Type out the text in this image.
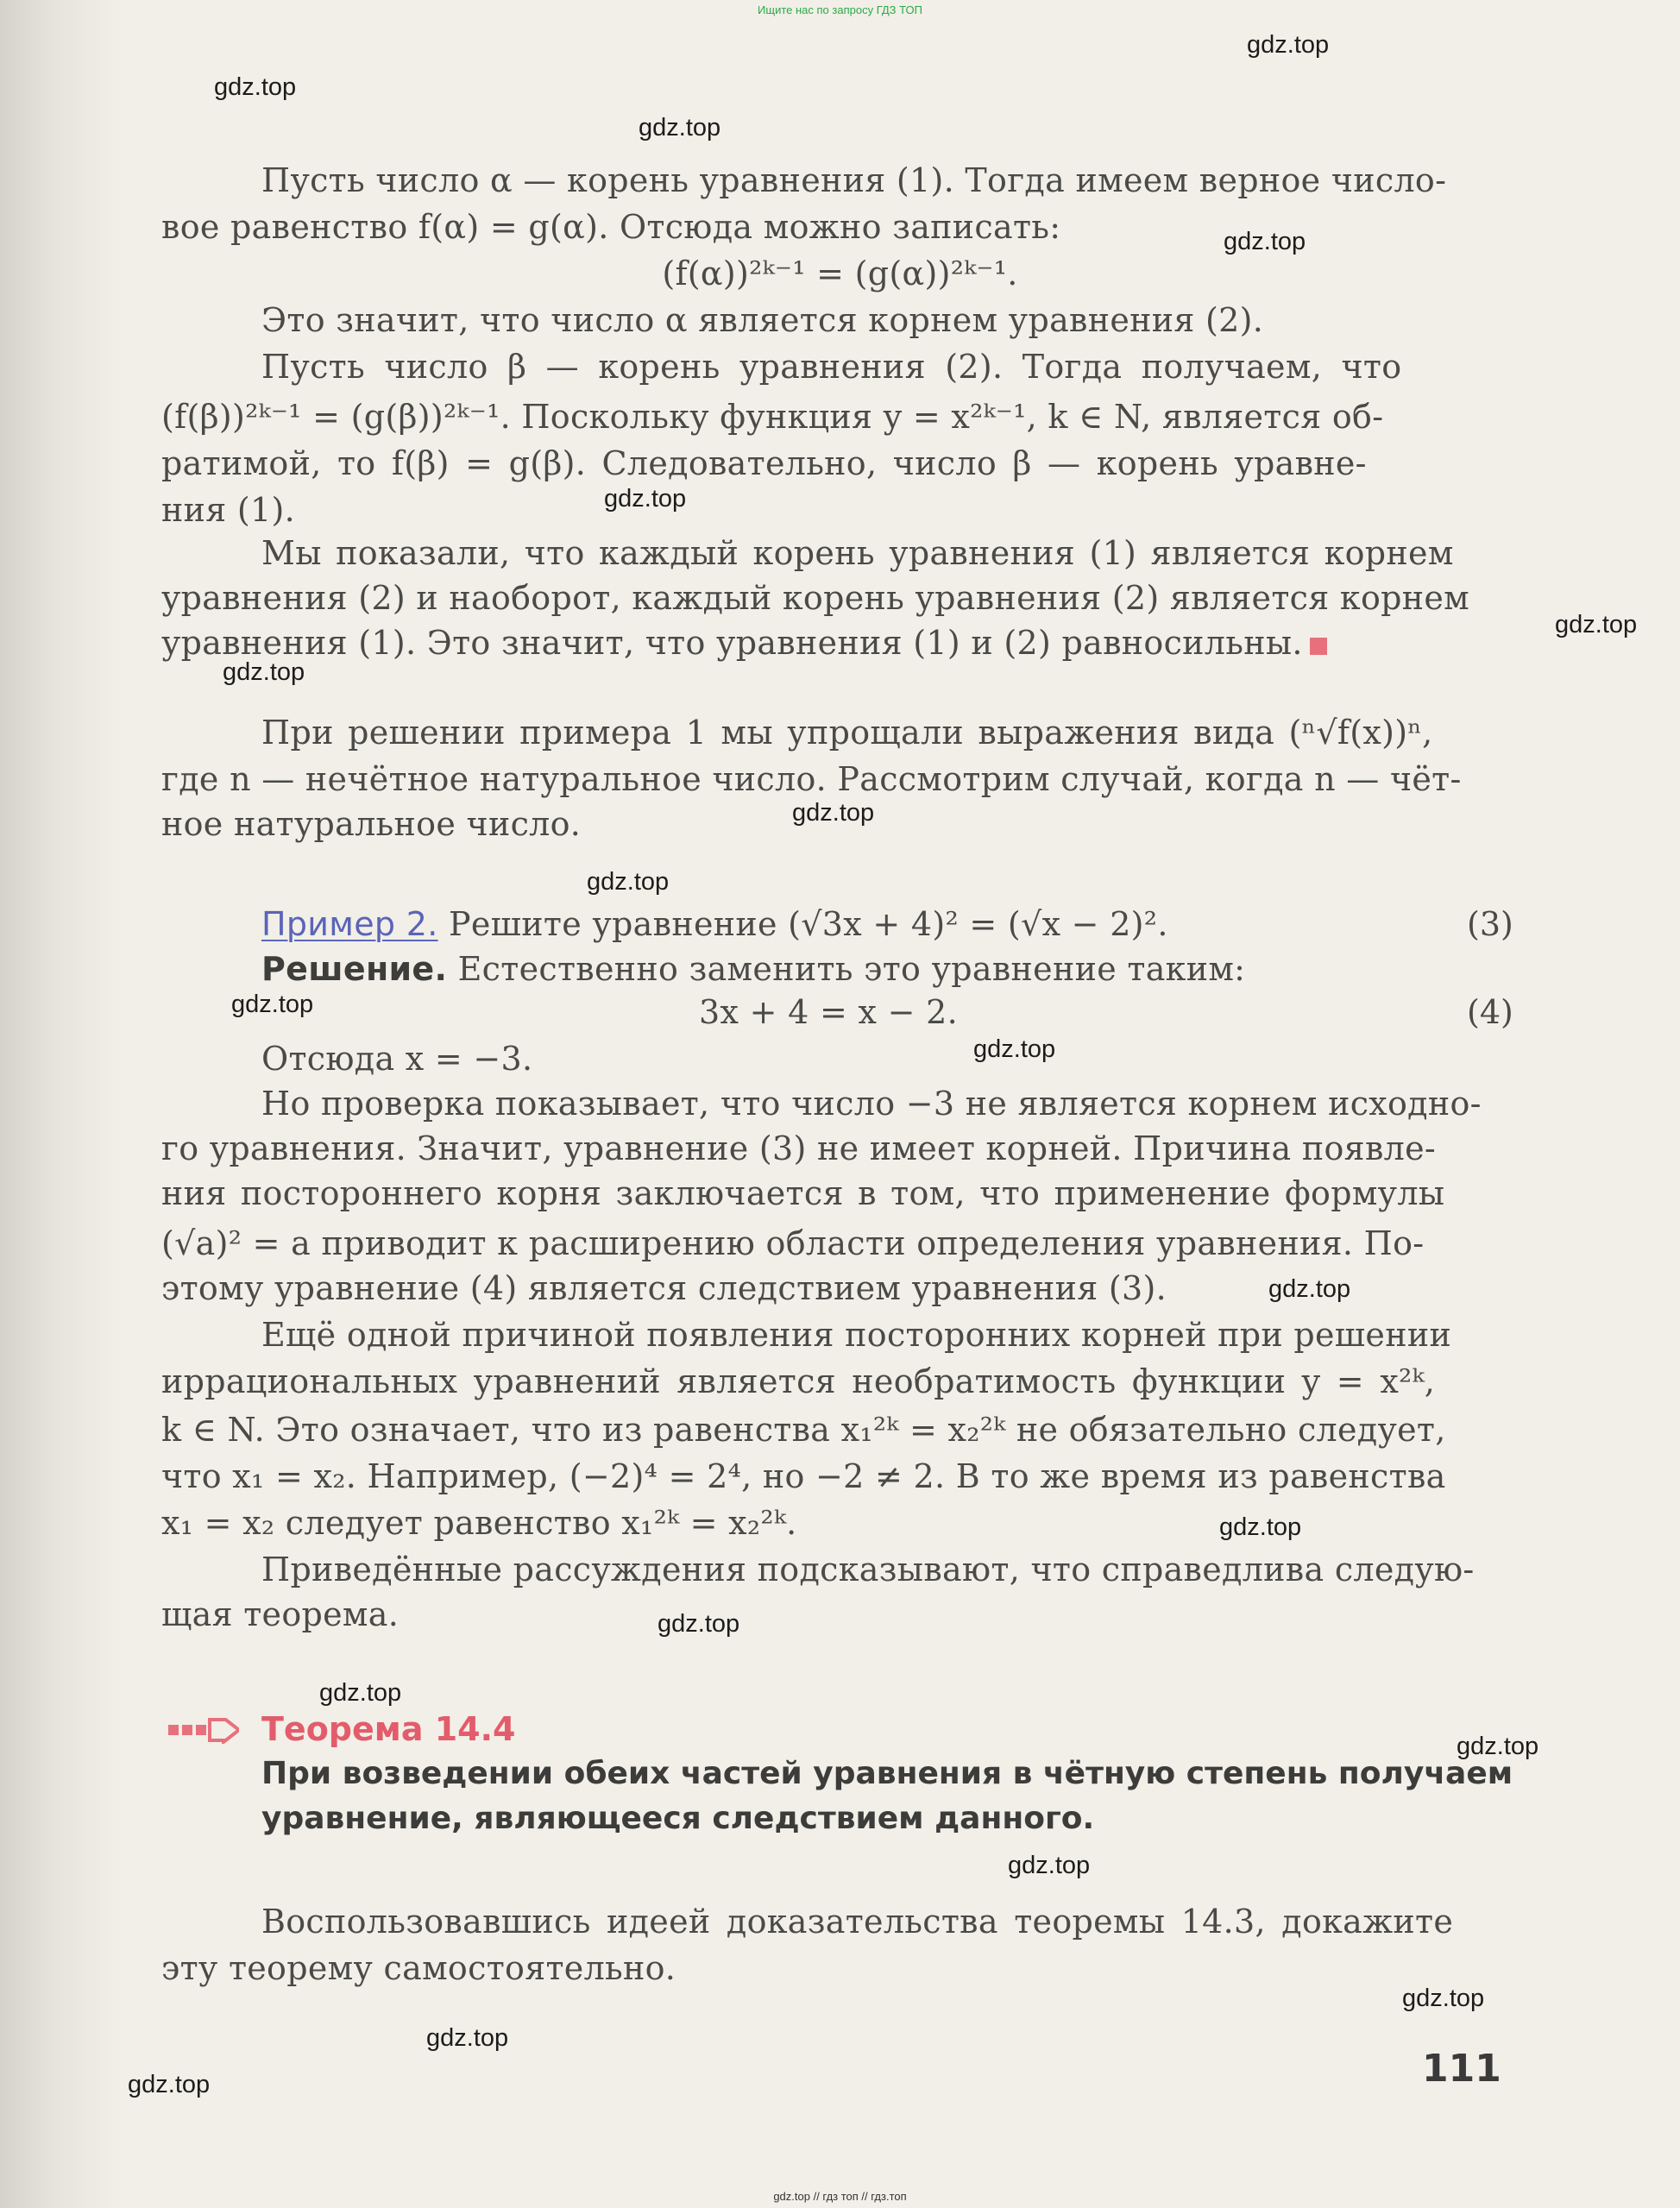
Ищите нас по запросу ГДЗ ТОП
gdz.top
gdz.top
gdz.top
gdz.top
gdz.top
gdz.top
gdz.top
gdz.top
gdz.top
gdz.top
gdz.top
gdz.top
gdz.top
gdz.top
gdz.top
gdz.top
gdz.top
gdz.top
gdz.top
gdz.top
Пусть число α — корень уравнения (1). Тогда имеем верное число-
вое равенство f(α) = g(α). Отсюда можно записать:
(f(α))²ᵏ⁻¹ = (g(α))²ᵏ⁻¹.
Это значит, что число α является корнем уравнения (2).
Пусть число β — корень уравнения (2). Тогда получаем, что
(f(β))²ᵏ⁻¹ = (g(β))²ᵏ⁻¹. Поскольку функция y = x²ᵏ⁻¹, k ∈ N, является об-
ратимой, то f(β) = g(β). Следовательно, число β — корень уравне-
ния (1).
Мы показали, что каждый корень уравнения (1) является корнем
уравнения (2) и наоборот, каждый корень уравнения (2) является корнем
уравнения (1). Это значит, что уравнения (1) и (2) равносильны.
При решении примера 1 мы упрощали выражения вида (ⁿ√f(x))ⁿ,
где n — нечётное натуральное число. Рассмотрим случай, когда n — чёт-
ное натуральное число.
Пример 2. Решите уравнение (√3x + 4)² = (√x − 2)².	(3)
Решение. Естественно заменить это уравнение таким:
3x + 4 = x − 2.	(4)
Отсюда x = −3.
Но проверка показывает, что число −3 не является корнем исходно-
го уравнения. Значит, уравнение (3) не имеет корней. Причина появле-
ния постороннего корня заключается в том, что применение формулы
(√a)² = a приводит к расширению области определения уравнения. По-
этому уравнение (4) является следствием уравнения (3).
Ещё одной причиной появления посторонних корней при решении
иррациональных уравнений является необратимость функции y = x²ᵏ,
k ∈ N. Это означает, что из равенства x₁²ᵏ = x₂²ᵏ не обязательно следует,
что x₁ = x₂. Например, (−2)⁴ = 2⁴, но −2 ≠ 2. В то же время из равенства
x₁ = x₂ следует равенство x₁²ᵏ = x₂²ᵏ.
Приведённые рассуждения подсказывают, что справедлива следую-
щая теорема.
Теорема 14.4
При возведении обеих частей уравнения в чётную степень получаем
уравнение, являющееся следствием данного.
Воспользовавшись идеей доказательства теоремы 14.3, докажите
эту теорему самостоятельно.
111
gdz.top // гдз топ // гдз.топ
